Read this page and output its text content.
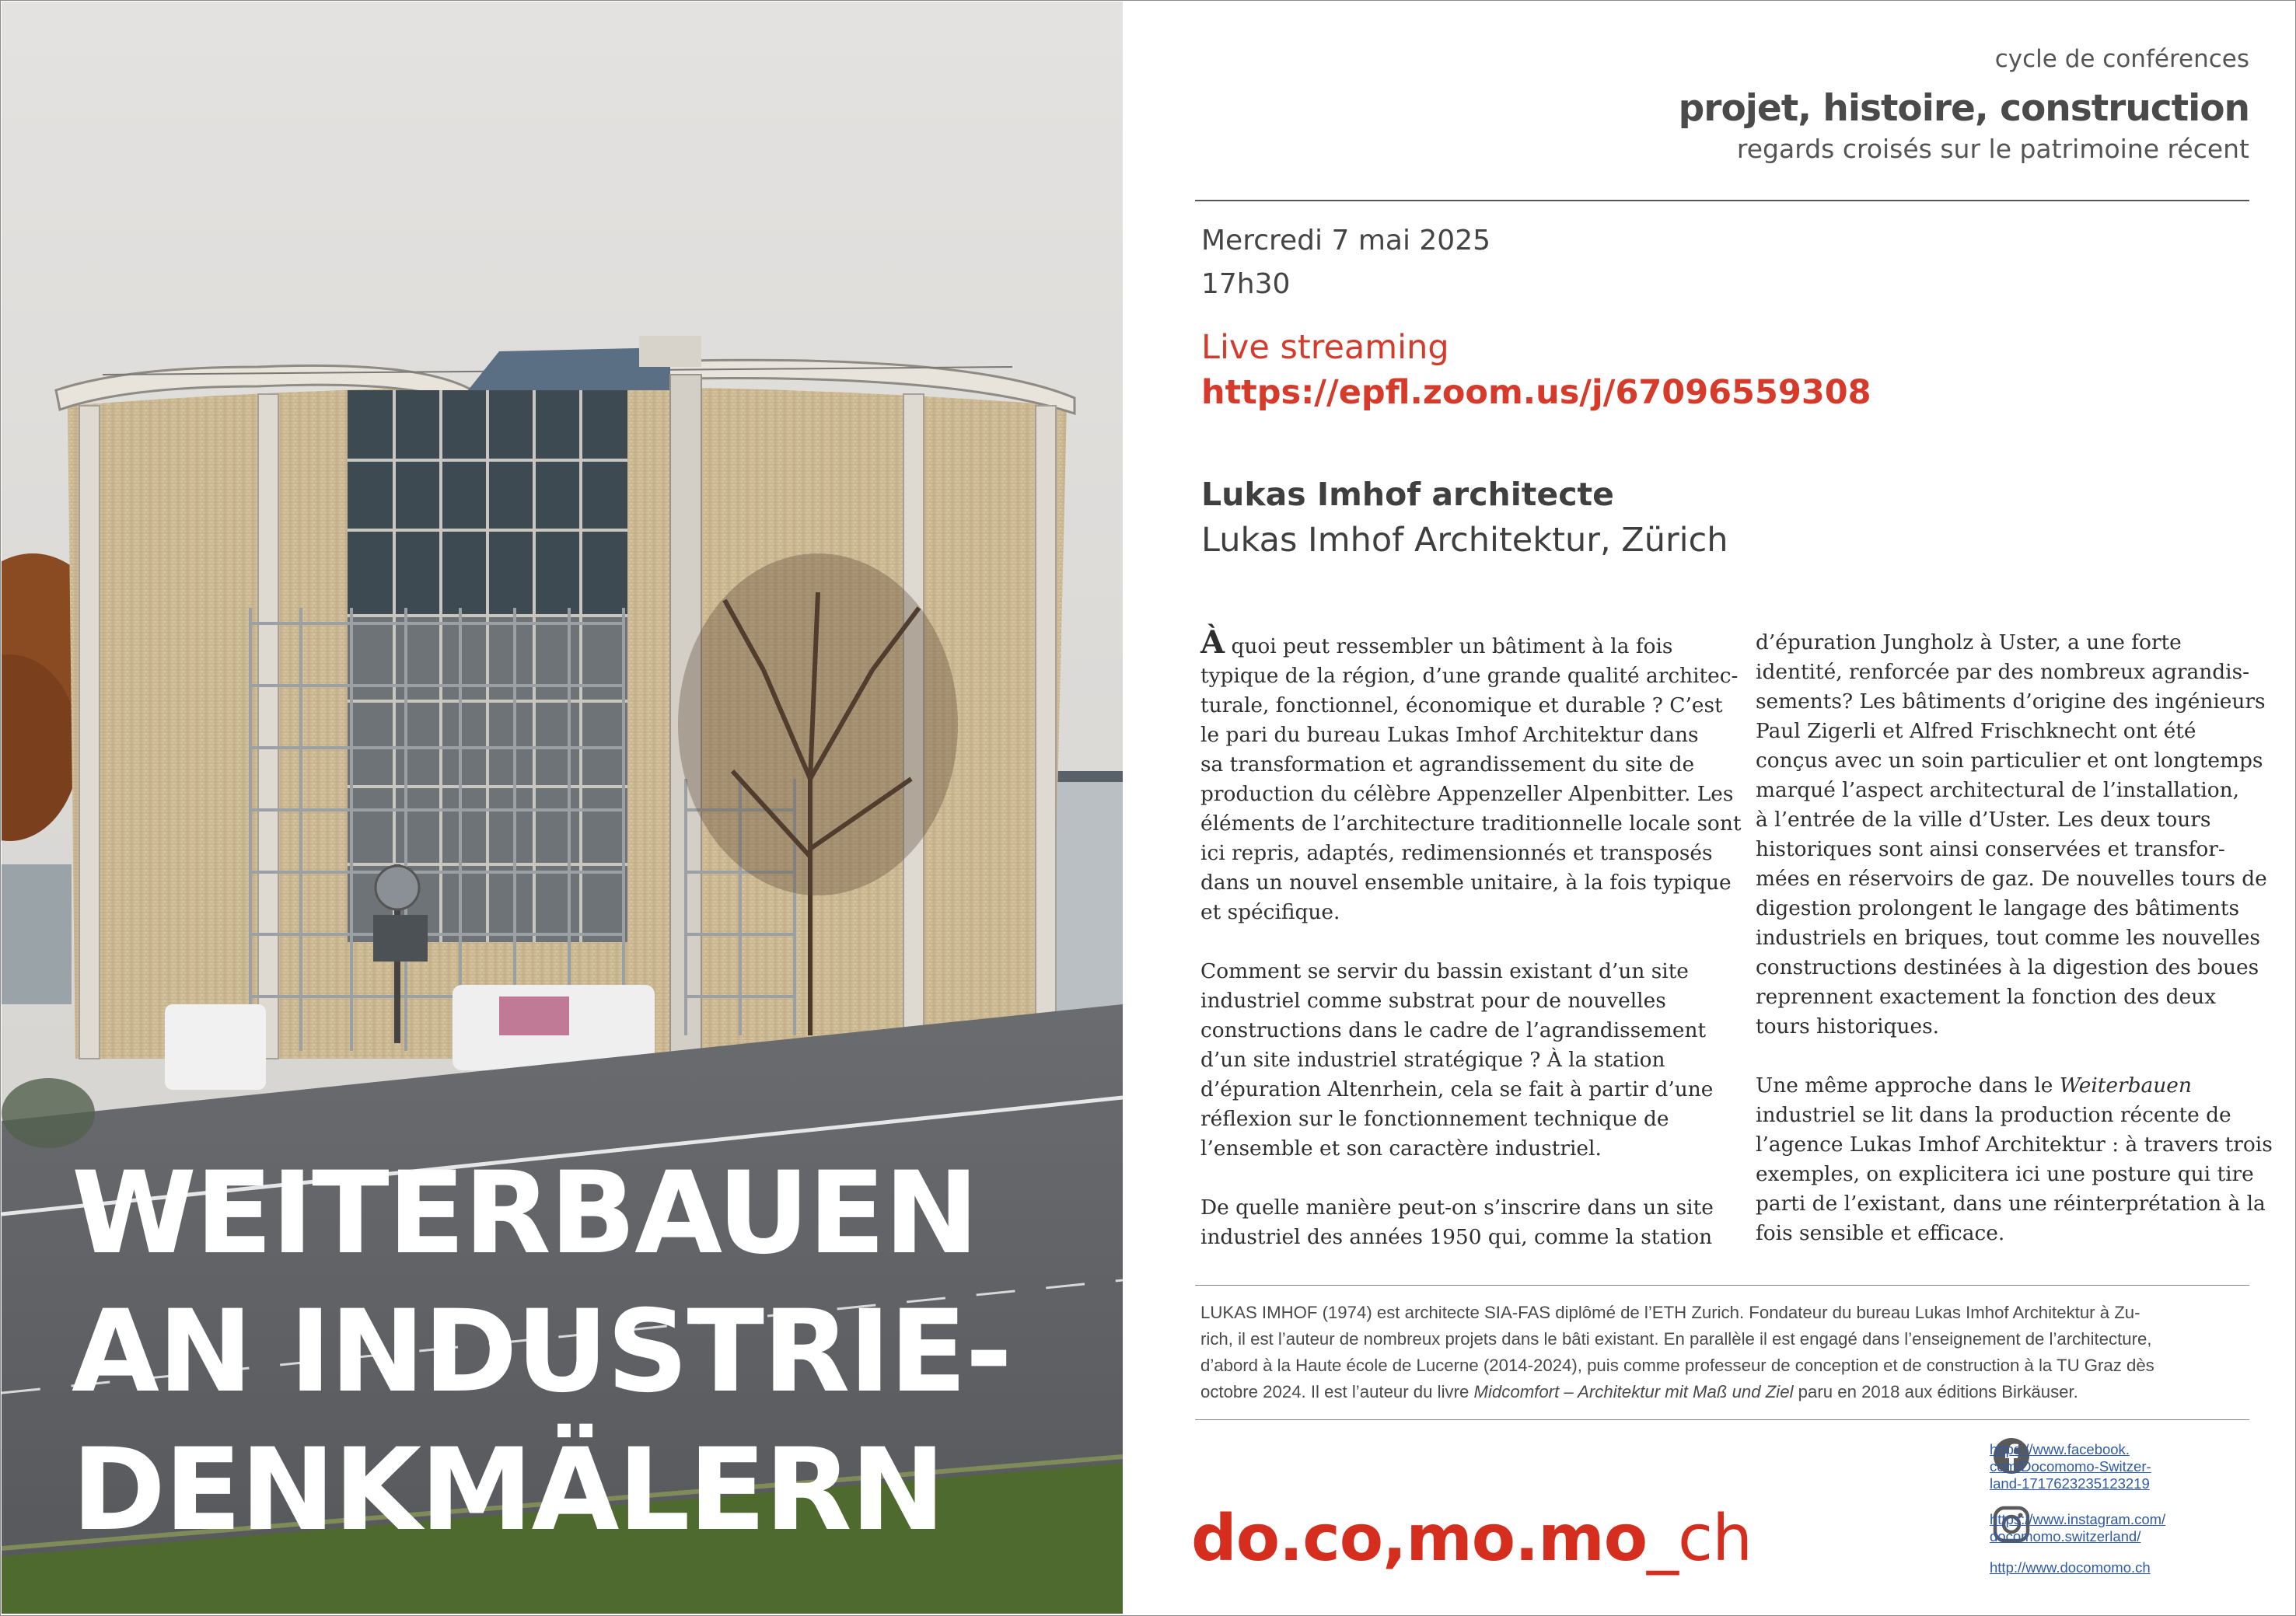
WEITERBAUEN
AN INDUSTRIE-
DENKMÄLERN
cycle de conférences
projet, histoire, construction
regards croisés sur le patrimoine récent
Mercredi 7 mai 2025
17h30
Live streaming
https://epfl.zoom.us/j/67096559308
Lukas Imhof architecte
Lukas Imhof Architektur, Zürich

À quoi peut ressembler un bâtiment à la fois
typique de la région, d’une grande qualité architec-
turale, fonctionnel, économique et durable ? C’est
le pari du bureau Lukas Imhof Architektur dans
sa transformation et agrandissement du site de
production du célèbre Appenzeller Alpenbitter. Les
éléments de l’architecture traditionnelle locale sont
ici repris, adaptés, redimensionnés et transposés
dans un nouvel ensemble unitaire, à la fois typique
et spécifique.

Comment se servir du bassin existant d’un site
industriel comme substrat pour de nouvelles
constructions dans le cadre de l’agrandissement
d’un site industriel stratégique ? À la station
d’épuration Altenrhein, cela se fait à partir d’une
réflexion sur le fonctionnement technique de
l’ensemble et son caractère industriel.

De quelle manière peut-on s’inscrire dans un site
industriel des années 1950 qui, comme la station

d’épuration Jungholz à Uster, a une forte
identité, renforcée par des nombreux agrandis-
sements? Les bâtiments d’origine des ingénieurs
Paul Zigerli et Alfred Frischknecht ont été
conçus avec un soin particulier et ont longtemps
marqué l’aspect architectural de l’installation,
à l’entrée de la ville d’Uster. Les deux tours
historiques sont ainsi conservées et transfor-
mées en réservoirs de gaz. De nouvelles tours de
digestion prolongent le langage des bâtiments
industriels en briques, tout comme les nouvelles
constructions destinées à la digestion des boues
reprennent exactement la fonction des deux
tours historiques.

Une même approche dans le Weiterbauen
industriel se lit dans la production récente de
l’agence Lukas Imhof Architektur : à travers trois
exemples, on explicitera ici une posture qui tire
parti de l’existant, dans une réinterprétation à la
fois sensible et efficace.

LUKAS IMHOF (1974) est architecte SIA-FAS diplômé de l’ETH Zurich. Fondateur du bureau Lukas Imhof Architektur à Zu-
rich, il est l’auteur de nombreux projets dans le bâti existant. En parallèle il est engagé dans l’enseignement de l’architecture,
d’abord à la Haute école de Lucerne (2014-2024), puis comme professeur de conception et de construction à la TU Graz dès
octobre 2024. Il est l’auteur du livre Midcomfort – Architektur mit Maß und Ziel paru en 2018 aux éditions Birkäuser.
do.co,mo.mo_ch
https://www.facebook.
com/Docomomo-Switzer-
land-1717623235123219
https://www.instagram.com/
docomomo.switzerland/
http://www.docomomo.ch
